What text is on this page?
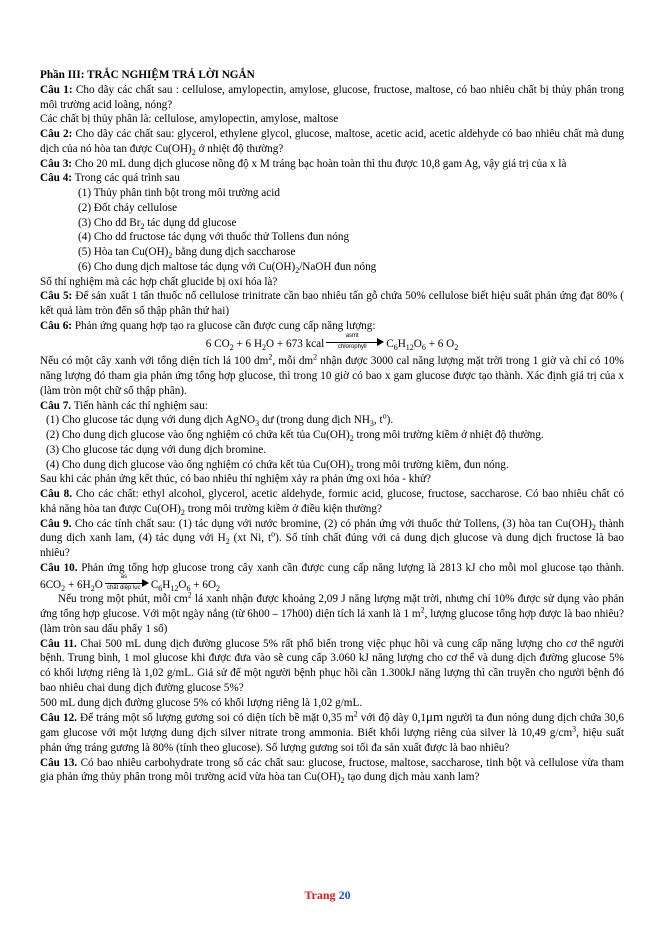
Phần III: TRẮC NGHIỆM TRẢ LỜI NGẮN

Câu 1: Cho dãy các chất sau : cellulose, amylopectin, amylose, glucose, fructose, maltose, có bao nhiêu chất bị thủy phân trong môi trường acid loãng, nóng?

Các chất bị thủy phân là: cellulose, amylopectin, amylose, maltose

Câu 2: Cho dãy các chất sau: glycerol, ethylene glycol, glucose, maltose, acetic acid, acetic aldehyde có bao nhiêu chất mà dung dịch của nó hòa tan được $Cu(OH)_2$ ở nhiệt độ thường?

Câu 3: Cho 20 mL dung dịch glucose nồng độ x M tráng bạc hoàn toàn thì thu được 10,8 gam Ag, vậy giá trị của x là

Câu 4: Trong các quá trình sau

(1) Thủy phân tinh bột trong môi trường acid

(2) Đốt cháy cellulose

(3) Cho dd $Br_2$ tác dụng dd glucose

(4) Cho dd fructose tác dụng với thuốc thử Tollens đun nóng

(5) Hòa $\tan Cu(OH)_2$ bằng dung dịch saccharose

(6) Cho dung dịch maltose tác dụng với $Cu(OH)_2$/NaOH đun nóng

Số thí nghiệm mà các hợp chất glucide bị oxi hóa là?

Câu 5: Để sản xuất 1 tấn thuốc nổ cellulose trinitrate cần bao nhiêu tấn gỗ chứa 50% cellulose biết hiệu suất phản ứng đạt 80% ( kết quả làm tròn đến số thập phân thứ hai)

Câu 6: Phản ứng quang hợp tạo ra glucose cần được cung cấp năng lượng:

6 $CO_2 + 6$ $H_2O + 673$ kcal
asmt
chlorophyll	$C_6H_{12}O_6 + 6$ $O_2$

Nếu có một cây xanh với tổng diện tích lá 100 $dm^2$, mỗi $dm^2$ nhận được 3000 cal năng lượng mặt trời trong 1 giờ và chỉ có 10% năng lượng đó tham gia phản ứng tổng hợp glucose, thì trong 10 giờ có bao x gam glucose được tạo thành. Xác định giá trị của x (làm tròn một chữ số thập phân).

Câu 7. Tiến hành các thí nghiệm sau:

(1) Cho glucose tác dụng với dung dịch AgNO$_3$ dư (trong dung dịch $NH_3$, $t^o$).

(2) Cho dung dịch glucose vào ống nghiệm có chứa kết tủa $Cu(OH)_2$ trong môi trường kiềm ở nhiệt độ thường.

(3) Cho glucose tác dụng với dung dịch bromine.

(4) Cho dung dịch glucose vào ống nghiệm có chứa kết tủa $Cu(OH)_2$ trong môi trường kiềm, đun nóng.

Sau khi các phản ứng kết thúc, có bao nhiêu thí nghiệm xảy ra phản ứng oxi hóa - khử?

Câu 8. Cho các chất: ethyl alcohol, glycerol, acetic aldehyde, formic acid, glucose, fructose, saccharose. Có bao nhiêu chất có khả năng hòa tan được $Cu(OH)_2$ trong môi trường kiềm ở điều kiện thường?

Câu 9. Cho các tính chất sau: (1) tác dụng với nước bromine, (2) có phản ứng với thuốc thử Tollens, (3) hòa $\tan Cu(OH)_2$ thành dung dịch xanh lam, (4) tác dụng với $H_2$ (xt Ni, $t^o$). Số tính chất đúng với cả dung dịch glucose và dung dịch fructose là bao nhiêu?

Câu 10. Phản ứng tổng hợp glucose trong cây xanh cần được cung cấp năng lượng là 2813 kJ cho mỗi mol glucose tạo thành. $6CO_2 + 6H_2O$
as
chất diệp lục $C_6H_{12}O_6 + 6O_2$

Nếu trong một phút, mỗi $cm^2$ lá xanh nhận được khoảng 2,09 J năng lượng mặt trời, nhưng chỉ 10% được sử dụng vào phản ứng tổng hợp glucose. Với một ngày nắng (từ 6h00 – 17h00) diện tích lá xanh là 1 $m^2$, lượng glucose tổng hợp được là bao nhiêu? (làm tròn sau dấu phẩy 1 số)

Câu 11. Chai 500 mL dung dịch đường glucose 5% rất phổ biến trong việc phục hồi và cung cấp năng lượng cho cơ thể người bệnh. Trung bình, 1 mol glucose khi được đưa vào sẽ cung cấp 3.060 kJ năng lượng cho cơ thể và dung dịch đường glucose 5% có khối lượng riêng là 1,02 g/mL. Giả sử để một người bệnh phục hồi cần 1.300kJ năng lượng thì cần truyền cho người bệnh đó bao nhiêu chai dung dịch đường glucose 5%?

500 mL dung dịch đường glucose 5% có khối lượng riêng là 1,02 g/mL.

Câu 12. Để tráng một số lượng gương soi có diện tích bề mặt 0,35 $m^2$ với độ dày 0,1μm người ta đun nóng dung dịch chứa 30,6 gam glucose với một lượng dung dịch silver nitrate trong ammonia. Biết khối lượng riêng của silver là 10,49 $g/cm^3$, hiệu suất phản ứng tráng gương là 80% (tính theo glucose). Số lượng gương soi tối đa sản xuất được là bao nhiêu?

Câu 13. Có bao nhiêu carbohydrate trong số các chất sau: glucose, fructose, maltose, saccharose, tinh bột và cellulose vừa tham gia phản ứng thủy phân trong môi trường acid vừa hòa $\tan Cu(OH)_2$ tạo dung dịch màu xanh lam?

Trang 20
